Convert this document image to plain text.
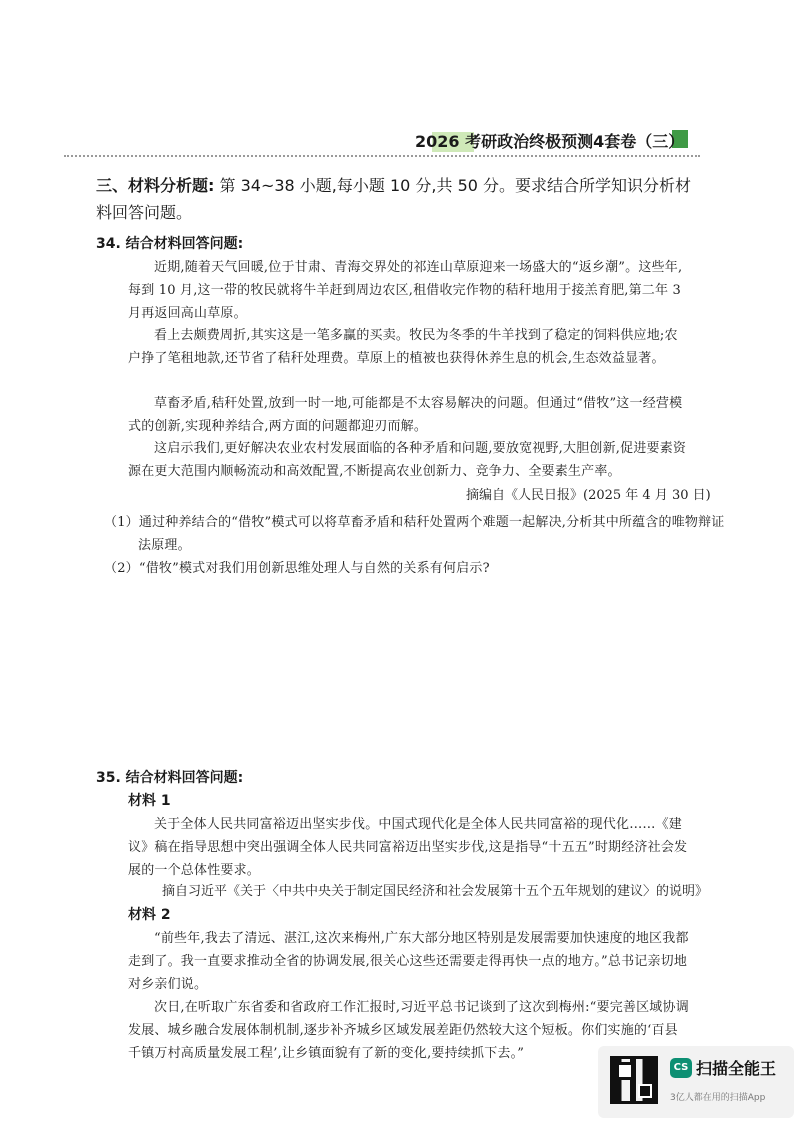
2026 考研政治终极预测4套卷（三）
三、材料分析题: 第 34~38 小题,每小题 10 分,共 50 分。要求结合所学知识分析材料回答问题。
34. 结合材料回答问题:
近期,随着天气回暖,位于甘肃、青海交界处的祁连山草原迎来一场盛大的“返乡潮”。这些年,每到 10 月,这一带的牧民就将牛羊赶到周边农区,租借收完作物的秸秆地用于接羔育肥,第二年 3 月再返回高山草原。
看上去颇费周折,其实这是一笔多赢的买卖。牧民为冬季的牛羊找到了稳定的饲料供应地;农户挣了笔租地款,还节省了秸秆处理费。草原上的植被也获得休养生息的机会,生态效益显著。
草畜矛盾,秸秆处置,放到一时一地,可能都是不太容易解决的问题。但通过“借牧”这一经营模式的创新,实现种养结合,两方面的问题都迎刃而解。
这启示我们,更好解决农业农村发展面临的各种矛盾和问题,要放宽视野,大胆创新,促进要素资源在更大范围内顺畅流动和高效配置,不断提高农业创新力、竞争力、全要素生产率。
摘编自《人民日报》(2025 年 4 月 30 日)
（1）通过种养结合的“借牧”模式可以将草畜矛盾和秸秆处置两个难题一起解决,分析其中所蕴含的唯物辩证法原理。
（2）“借牧”模式对我们用创新思维处理人与自然的关系有何启示?
35. 结合材料回答问题:
材料 1
关于全体人民共同富裕迈出坚实步伐。中国式现代化是全体人民共同富裕的现代化……《建议》稿在指导思想中突出强调全体人民共同富裕迈出坚实步伐,这是指导“十五五”时期经济社会发展的一个总体性要求。
摘自习近平《关于〈中共中央关于制定国民经济和社会发展第十五个五年规划的建议〉的说明》
材料 2
“前些年,我去了清远、湛江,这次来梅州,广东大部分地区特别是发展需要加快速度的地区我都走到了。我一直要求推动全省的协调发展,很关心这些还需要走得再快一点的地方。”总书记亲切地对乡亲们说。
次日,在听取广东省委和省政府工作汇报时,习近平总书记谈到了这次到梅州:“要完善区域协调发展、城乡融合发展体制机制,逐步补齐城乡区域发展差距仍然较大这个短板。你们实施的‘百县千镇万村高质量发展工程’,让乡镇面貌有了新的变化,要持续抓下去。”
CS 扫描全能王
3亿人都在用的扫描App
